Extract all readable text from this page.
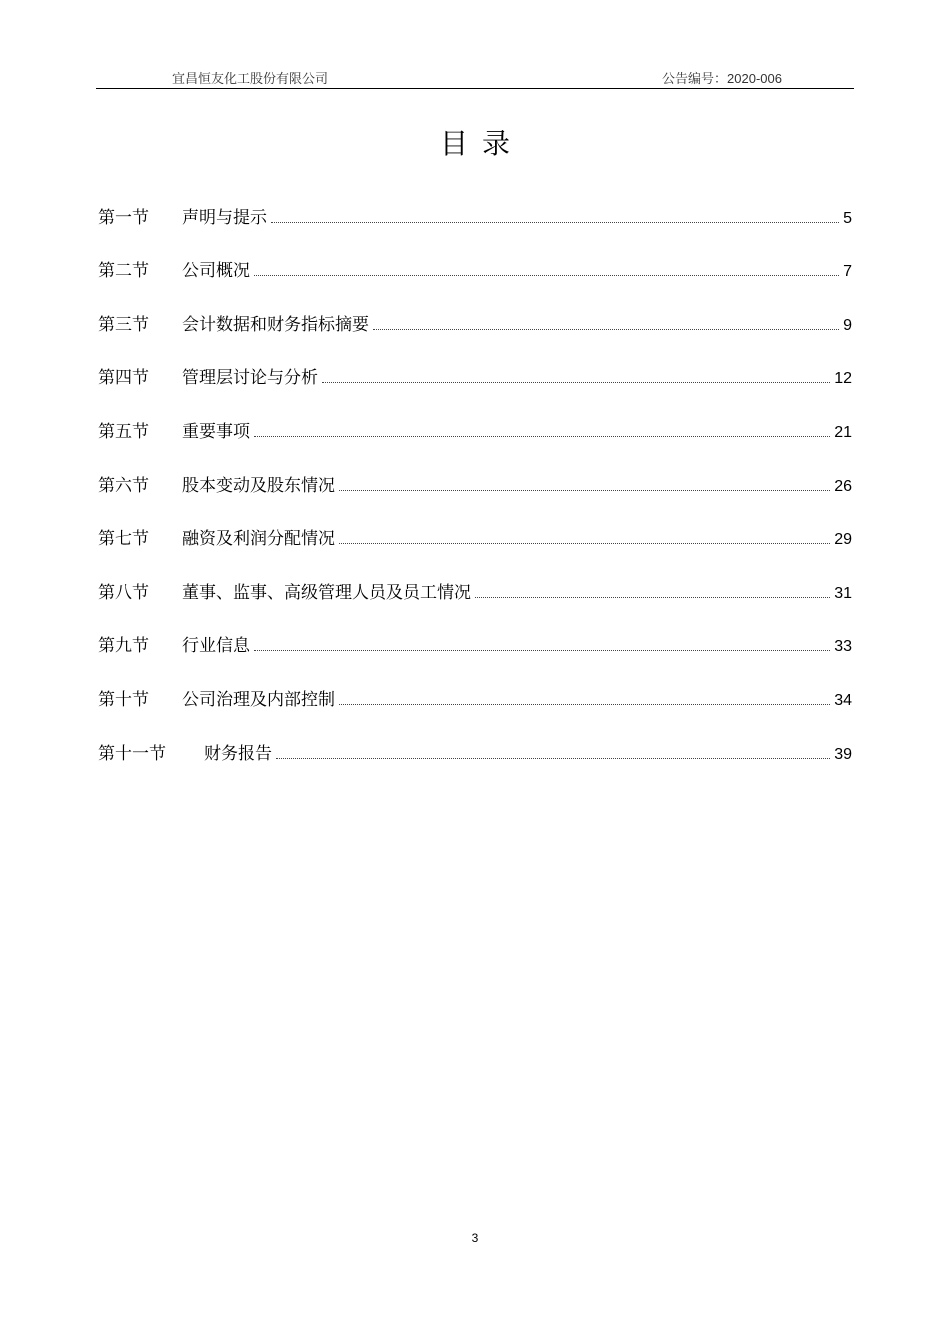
宜昌恒友化工股份有限公司	公告编号：2020-006
目录
第一节	声明与提示	5
第二节	公司概况	7
第三节	会计数据和财务指标摘要	9
第四节	管理层讨论与分析	12
第五节	重要事项	21
第六节	股本变动及股东情况	26
第七节	融资及利润分配情况	29
第八节	董事、监事、高级管理人员及员工情况	31
第九节	行业信息	33
第十节	公司治理及内部控制	34
第十一节	财务报告	39
3
